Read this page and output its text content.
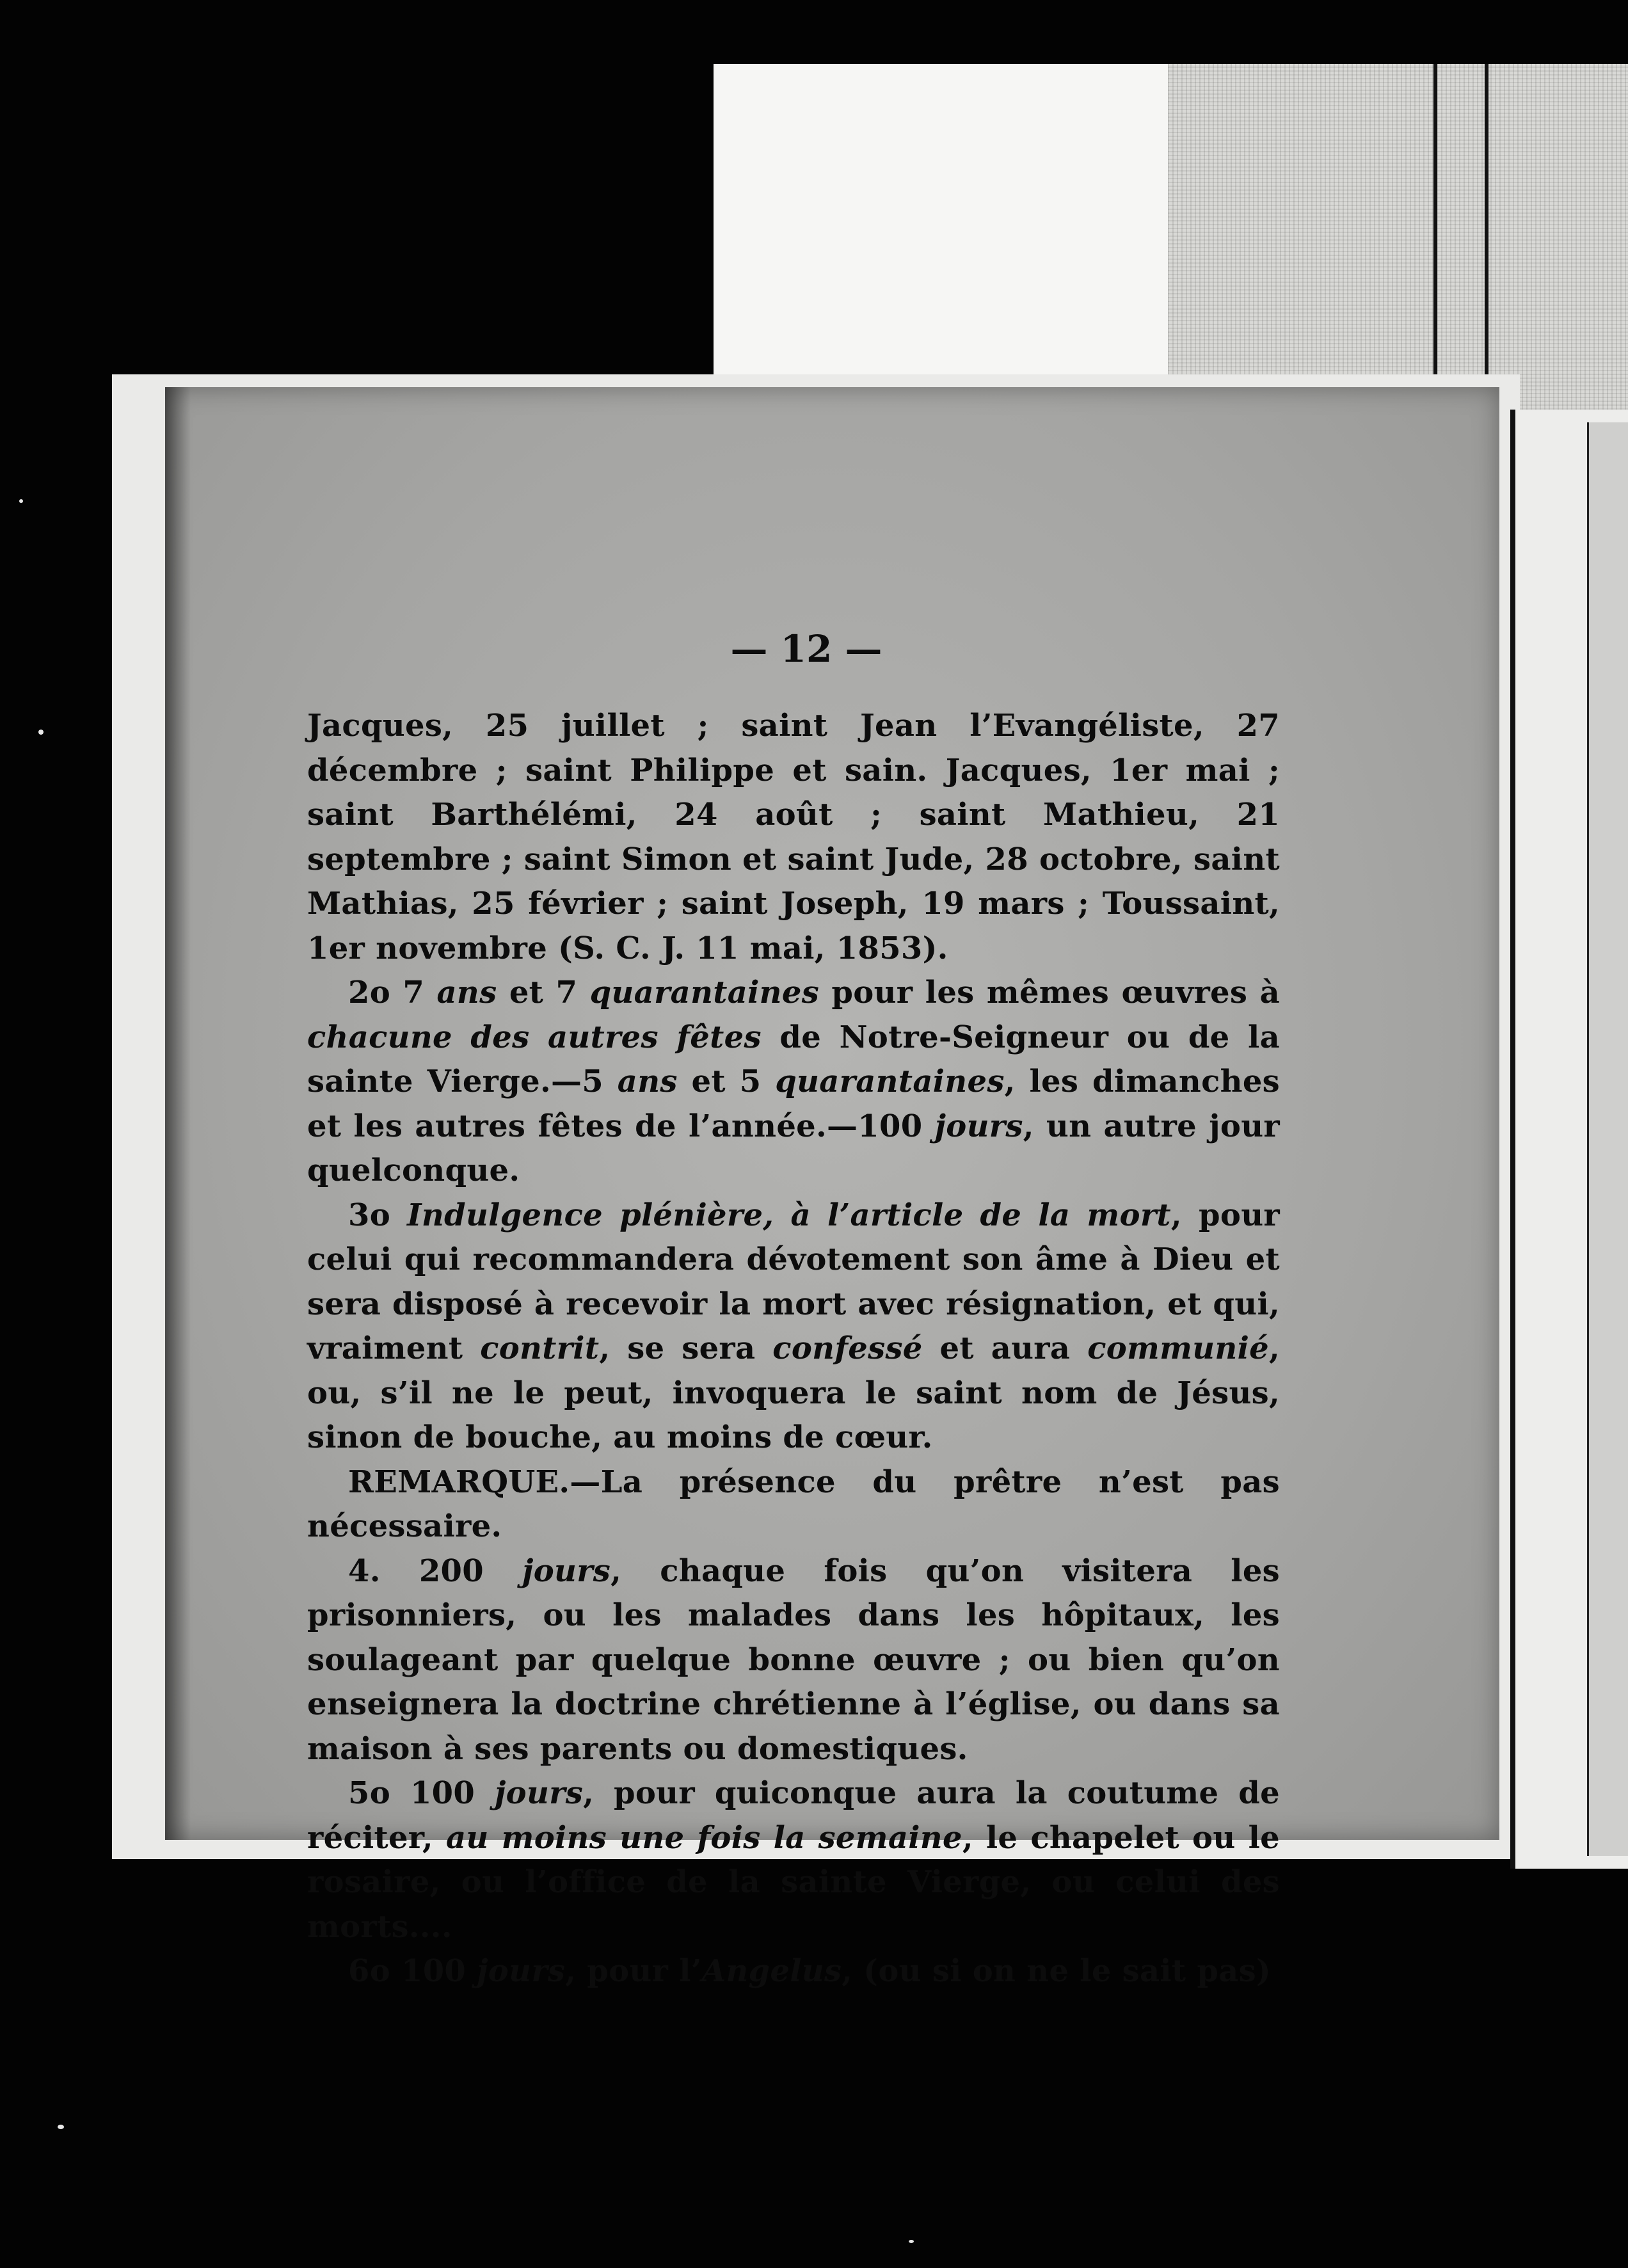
— 12 —

Jacques, 25 juillet ; saint Jean l’Evangéliste, 27 décembre ; saint Philippe et sain. Jacques, 1er mai ; saint Barthélémi, 24 août ; saint Mathieu, 21 septembre ; saint Simon et saint Jude, 28 octobre, saint Mathias, 25 février ; saint Joseph, 19 mars ; Toussaint, 1er novembre (S. C. J. 11 mai, 1853).

2o 7 ans et 7 quarantaines pour les mêmes œuvres à chacune des autres fêtes de Notre-Seigneur ou de la sainte Vierge.—5 ans et 5 quarantaines, les dimanches et les autres fêtes de l’année.—100 jours, un autre jour quelconque.

3o Indulgence plénière, à l’article de la mort, pour celui qui recommandera dévotement son âme à Dieu et sera disposé à recevoir la mort avec résignation, et qui, vraiment contrit, se sera confessé et aura communié, ou, s’il ne le peut, invoquera le saint nom de Jésus, sinon de bouche, au moins de cœur.

REMARQUE.—La présence du prêtre n’est pas nécessaire.

4. 200 jours, chaque fois qu’on visitera les prisonniers, ou les malades dans les hôpitaux, les soulageant par quelque bonne œuvre ; ou bien qu’on enseignera la doctrine chrétienne à l’église, ou dans sa maison à ses parents ou domestiques.

5o 100 jours, pour quiconque aura la coutume de réciter, au moins une fois la semaine, le chapelet ou le rosaire, ou l’office de la sainte Vierge, ou celui des morts....

6o 100 jours, pour l’Angelus, (ou si on ne le sait pas)
